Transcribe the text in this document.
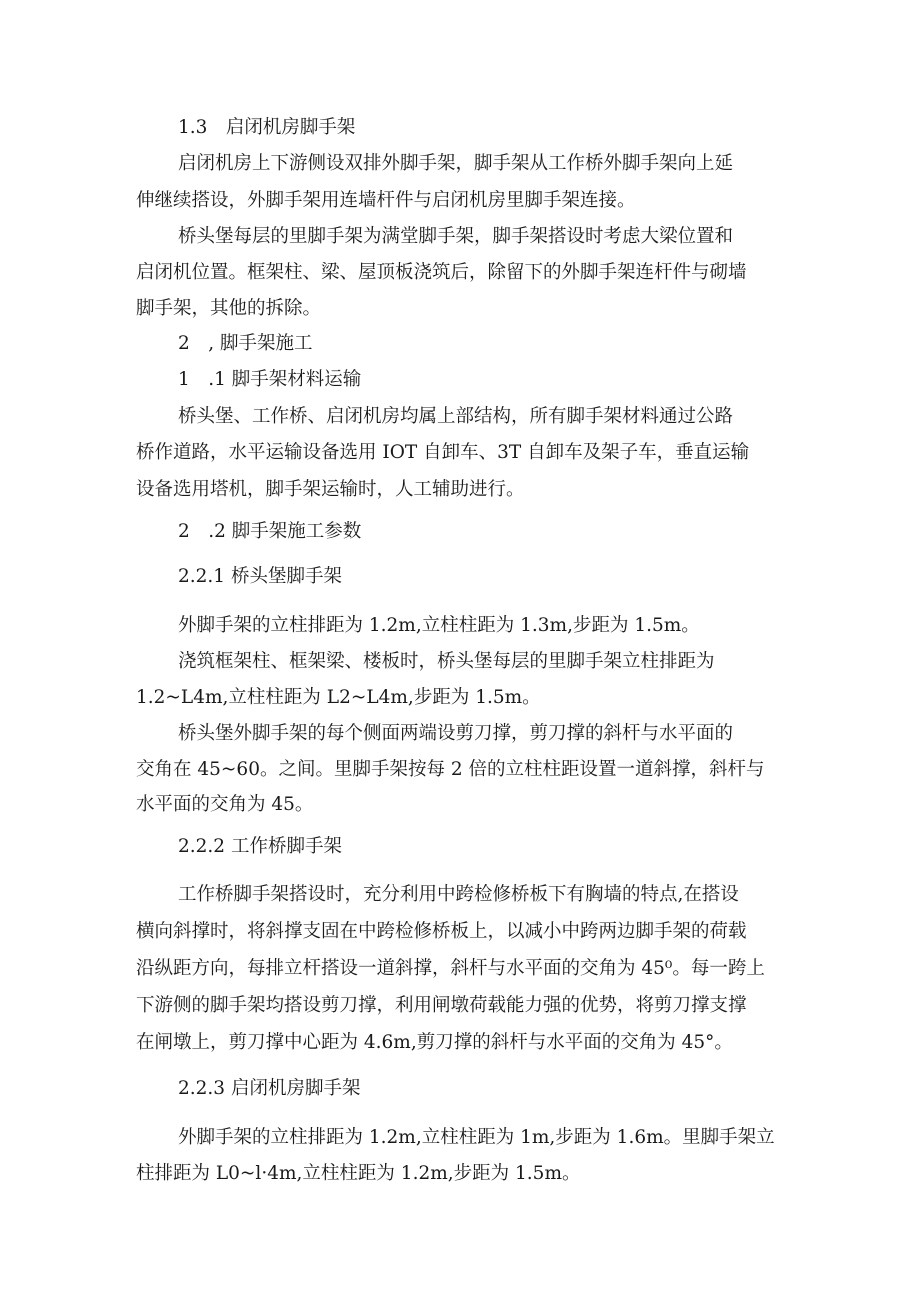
1.3　启闭机房脚手架

启闭机房上下游侧设双排外脚手架，脚手架从工作桥外脚手架向上延

伸继续搭设，外脚手架用连墙杆件与启闭机房里脚手架连接。

桥头堡每层的里脚手架为满堂脚手架，脚手架搭设时考虑大梁位置和

启闭机位置。框架柱、梁、屋顶板浇筑后，除留下的外脚手架连杆件与砌墙

脚手架，其他的拆除。

2　, 脚手架施工

1　.1 脚手架材料运输

桥头堡、工作桥、启闭机房均属上部结构，所有脚手架材料通过公路

桥作道路，水平运输设备选用 IOT 自卸车、3T 自卸车及架子车，垂直运输

设备选用塔机，脚手架运输时，人工辅助进行。

2　.2 脚手架施工参数

2.2.1 桥头堡脚手架

外脚手架的立柱排距为 1.2m,立柱柱距为 1.3m,步距为 1.5m。

浇筑框架柱、框架梁、楼板时，桥头堡每层的里脚手架立柱排距为

1.2~L4m,立柱柱距为 L2~L4m,步距为 1.5m。

桥头堡外脚手架的每个侧面两端设剪刀撑，剪刀撑的斜杆与水平面的

交角在 45~60。之间。里脚手架按每 2 倍的立柱柱距设置一道斜撑，斜杆与

水平面的交角为 45。

2.2.2 工作桥脚手架

工作桥脚手架搭设时，充分利用中跨检修桥板下有胸墙的特点,在搭设

横向斜撑时，将斜撑支固在中跨检修桥板上，以减小中跨两边脚手架的荷载

沿纵距方向，每排立杆搭设一道斜撑，斜杆与水平面的交角为 45⁰。每一跨上

下游侧的脚手架均搭设剪刀撑，利用闸墩荷载能力强的优势，将剪刀撑支撑

在闸墩上，剪刀撑中心距为 4.6m,剪刀撑的斜杆与水平面的交角为 45°。

2.2.3 启闭机房脚手架

外脚手架的立柱排距为 1.2m,立柱柱距为 1m,步距为 1.6m。里脚手架立

柱排距为 L0~l·4m,立柱柱距为 1.2m,步距为 1.5m。
